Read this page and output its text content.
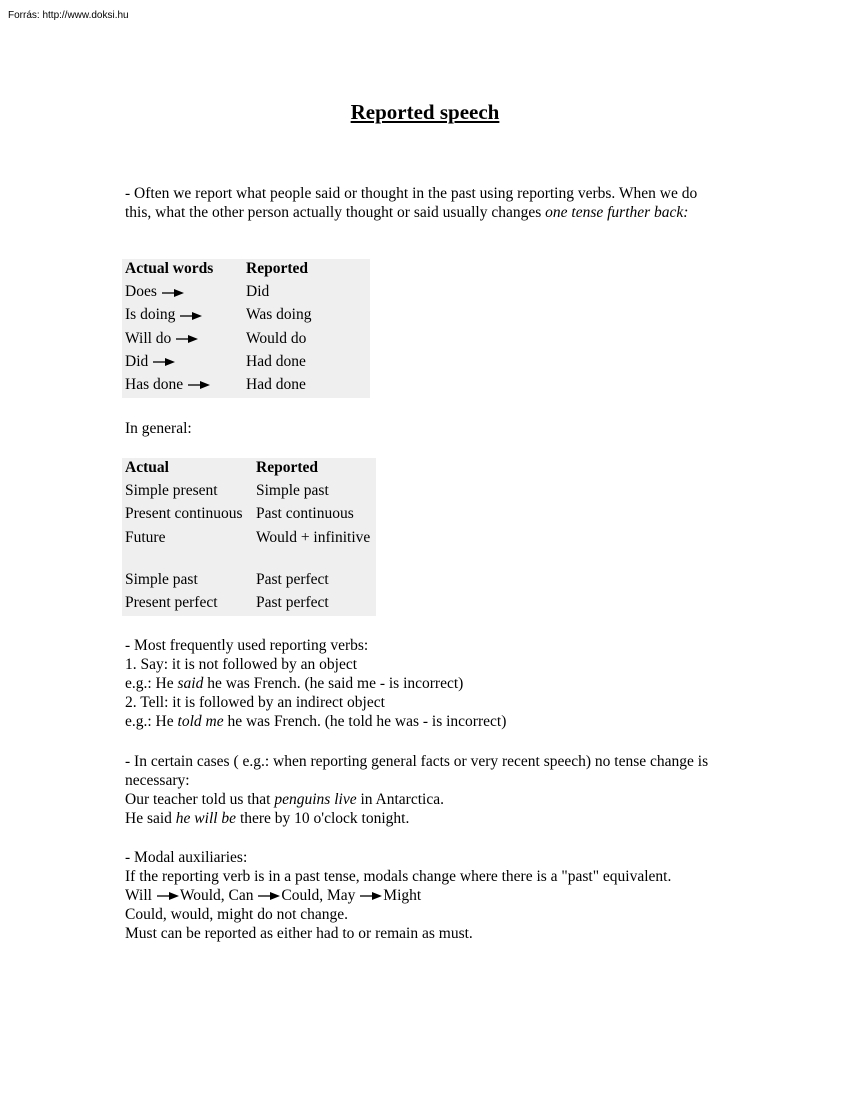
Forrás: http://www.doksi.hu
Reported speech

- Often we report what people said or thought in the past using reporting verbs. When we do this, what the other person actually thought or said usually changes one tense further back:

Actual words	Reported
Does	Did
Is doing	Was doing
Will do	Would do
Did	Had done
Has done	Had done

In general:

Actual	Reported
Simple present	Simple past
Present continuous	Past continuous
Future	Would + infinitive
Simple past	Past perfect
Present perfect	Past perfect

- Most frequently used reporting verbs:

1. Say: it is not followed by an object

e.g.: He said he was French. (he said me - is incorrect)

2. Tell: it is followed by an indirect object

e.g.: He told me he was French. (he told he was - is incorrect)

- In certain cases ( e.g.: when reporting general facts or very recent speech) no tense change is necessary:

Our teacher told us that penguins live in Antarctica.

He said he will be there by 10 o'clock tonight.

- Modal auxiliaries:

If the reporting verb is in a past tense, modals change where there is a "past" equivalent.

Will Would, Can Could, May Might

Could, would, might do not change.

Must can be reported as either had to or remain as must.
